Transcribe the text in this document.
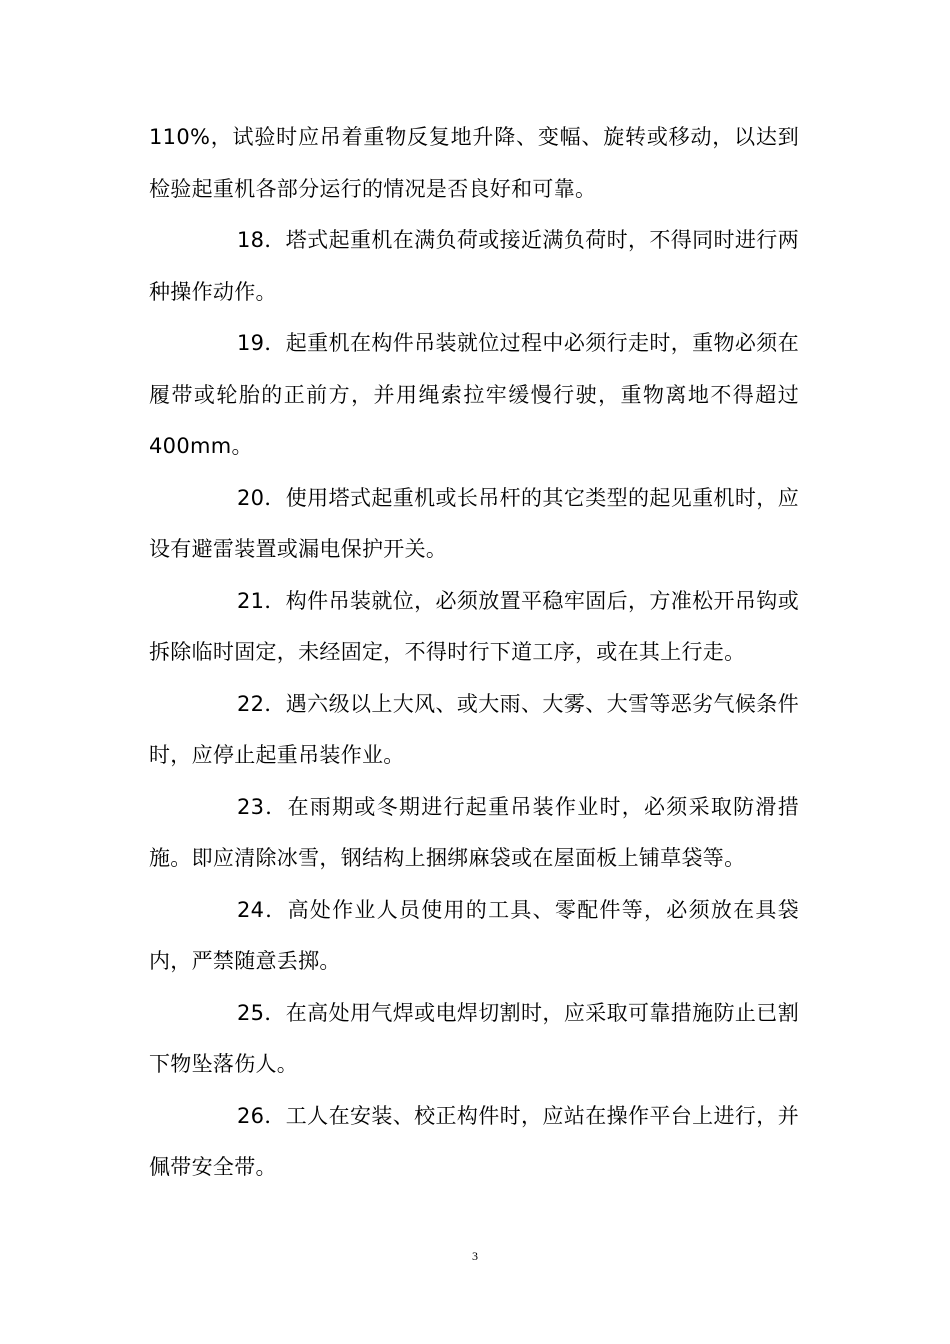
110%，试验时应吊着重物反复地升降、变幅、旋转或移动，以达到检验起重机各部分运行的情况是否良好和可靠。

18．塔式起重机在满负荷或接近满负荷时，不得同时进行两种操作动作。

19．起重机在构件吊装就位过程中必须行走时，重物必须在履带或轮胎的正前方，并用绳索拉牢缓慢行驶，重物离地不得超过 400mm。

20．使用塔式起重机或长吊杆的其它类型的起见重机时，应设有避雷装置或漏电保护开关。

21．构件吊装就位，必须放置平稳牢固后，方准松开吊钩或拆除临时固定，未经固定，不得时行下道工序，或在其上行走。

22．遇六级以上大风、或大雨、大雾、大雪等恶劣气候条件时，应停止起重吊装作业。

23．在雨期或冬期进行起重吊装作业时，必须采取防滑措施。即应清除冰雪，钢结构上捆绑麻袋或在屋面板上铺草袋等。

24．高处作业人员使用的工具、零配件等，必须放在具袋内，严禁随意丢掷。

25．在高处用气焊或电焊切割时，应采取可靠措施防止已割下物坠落伤人。

26．工人在安装、校正构件时，应站在操作平台上进行，并佩带安全带。

3
